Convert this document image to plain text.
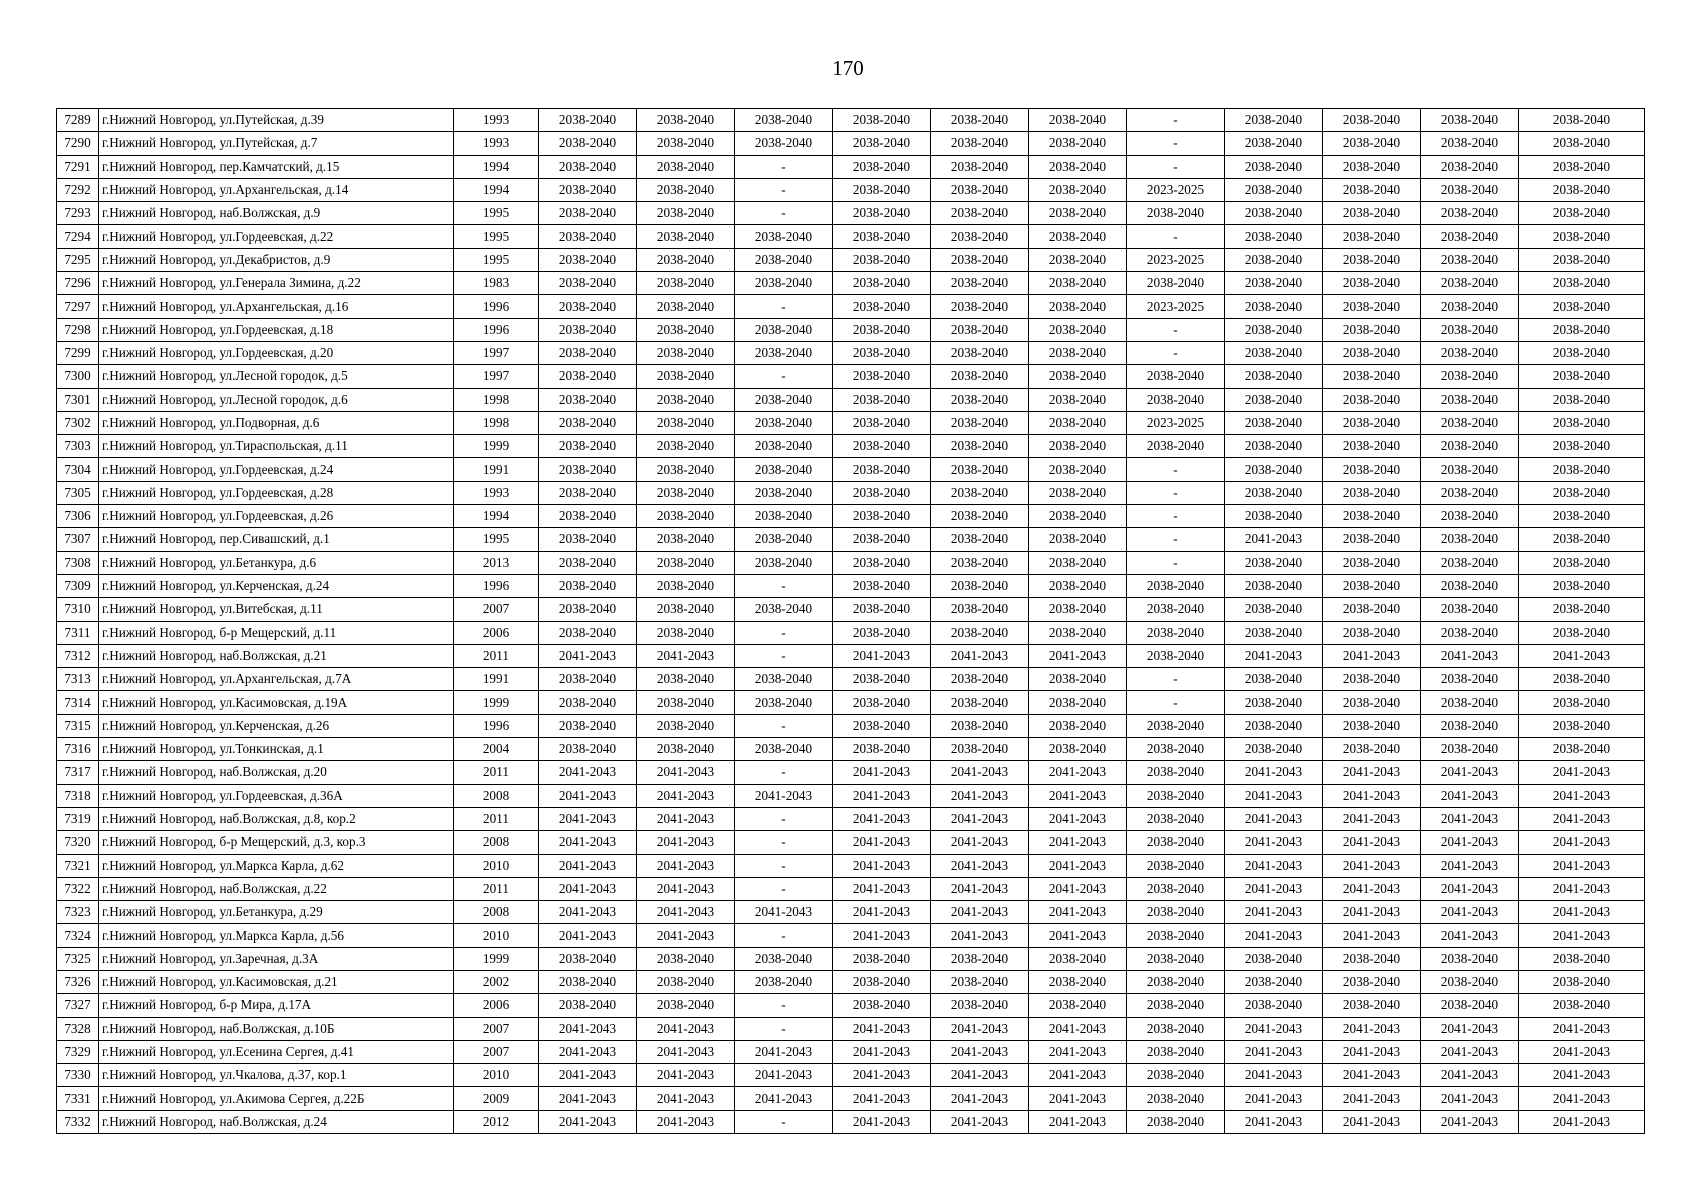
170
7289	г.Нижний Новгород, ул.Путейская, д.39	1993	2038-2040	2038-2040	2038-2040	2038-2040	2038-2040	2038-2040	-	2038-2040	2038-2040	2038-2040	2038-2040
7290	г.Нижний Новгород, ул.Путейская, д.7	1993	2038-2040	2038-2040	2038-2040	2038-2040	2038-2040	2038-2040	-	2038-2040	2038-2040	2038-2040	2038-2040
7291	г.Нижний Новгород, пер.Камчатский, д.15	1994	2038-2040	2038-2040	-	2038-2040	2038-2040	2038-2040	-	2038-2040	2038-2040	2038-2040	2038-2040
7292	г.Нижний Новгород, ул.Архангельская, д.14	1994	2038-2040	2038-2040	-	2038-2040	2038-2040	2038-2040	2023-2025	2038-2040	2038-2040	2038-2040	2038-2040
7293	г.Нижний Новгород, наб.Волжская, д.9	1995	2038-2040	2038-2040	-	2038-2040	2038-2040	2038-2040	2038-2040	2038-2040	2038-2040	2038-2040	2038-2040
7294	г.Нижний Новгород, ул.Гордеевская, д.22	1995	2038-2040	2038-2040	2038-2040	2038-2040	2038-2040	2038-2040	-	2038-2040	2038-2040	2038-2040	2038-2040
7295	г.Нижний Новгород, ул.Декабристов, д.9	1995	2038-2040	2038-2040	2038-2040	2038-2040	2038-2040	2038-2040	2023-2025	2038-2040	2038-2040	2038-2040	2038-2040
7296	г.Нижний Новгород, ул.Генерала Зимина, д.22	1983	2038-2040	2038-2040	2038-2040	2038-2040	2038-2040	2038-2040	2038-2040	2038-2040	2038-2040	2038-2040	2038-2040
7297	г.Нижний Новгород, ул.Архангельская, д.16	1996	2038-2040	2038-2040	-	2038-2040	2038-2040	2038-2040	2023-2025	2038-2040	2038-2040	2038-2040	2038-2040
7298	г.Нижний Новгород, ул.Гордеевская, д.18	1996	2038-2040	2038-2040	2038-2040	2038-2040	2038-2040	2038-2040	-	2038-2040	2038-2040	2038-2040	2038-2040
7299	г.Нижний Новгород, ул.Гордеевская, д.20	1997	2038-2040	2038-2040	2038-2040	2038-2040	2038-2040	2038-2040	-	2038-2040	2038-2040	2038-2040	2038-2040
7300	г.Нижний Новгород, ул.Лесной городок, д.5	1997	2038-2040	2038-2040	-	2038-2040	2038-2040	2038-2040	2038-2040	2038-2040	2038-2040	2038-2040	2038-2040
7301	г.Нижний Новгород, ул.Лесной городок, д.6	1998	2038-2040	2038-2040	2038-2040	2038-2040	2038-2040	2038-2040	2038-2040	2038-2040	2038-2040	2038-2040	2038-2040
7302	г.Нижний Новгород, ул.Подворная, д.6	1998	2038-2040	2038-2040	2038-2040	2038-2040	2038-2040	2038-2040	2023-2025	2038-2040	2038-2040	2038-2040	2038-2040
7303	г.Нижний Новгород, ул.Тираспольская, д.11	1999	2038-2040	2038-2040	2038-2040	2038-2040	2038-2040	2038-2040	2038-2040	2038-2040	2038-2040	2038-2040	2038-2040
7304	г.Нижний Новгород, ул.Гордеевская, д.24	1991	2038-2040	2038-2040	2038-2040	2038-2040	2038-2040	2038-2040	-	2038-2040	2038-2040	2038-2040	2038-2040
7305	г.Нижний Новгород, ул.Гордеевская, д.28	1993	2038-2040	2038-2040	2038-2040	2038-2040	2038-2040	2038-2040	-	2038-2040	2038-2040	2038-2040	2038-2040
7306	г.Нижний Новгород, ул.Гордеевская, д.26	1994	2038-2040	2038-2040	2038-2040	2038-2040	2038-2040	2038-2040	-	2038-2040	2038-2040	2038-2040	2038-2040
7307	г.Нижний Новгород, пер.Сивашский, д.1	1995	2038-2040	2038-2040	2038-2040	2038-2040	2038-2040	2038-2040	-	2041-2043	2038-2040	2038-2040	2038-2040
7308	г.Нижний Новгород, ул.Бетанкура, д.6	2013	2038-2040	2038-2040	2038-2040	2038-2040	2038-2040	2038-2040	-	2038-2040	2038-2040	2038-2040	2038-2040
7309	г.Нижний Новгород, ул.Керченская, д.24	1996	2038-2040	2038-2040	-	2038-2040	2038-2040	2038-2040	2038-2040	2038-2040	2038-2040	2038-2040	2038-2040
7310	г.Нижний Новгород, ул.Витебская, д.11	2007	2038-2040	2038-2040	2038-2040	2038-2040	2038-2040	2038-2040	2038-2040	2038-2040	2038-2040	2038-2040	2038-2040
7311	г.Нижний Новгород, б-р Мещерский, д.11	2006	2038-2040	2038-2040	-	2038-2040	2038-2040	2038-2040	2038-2040	2038-2040	2038-2040	2038-2040	2038-2040
7312	г.Нижний Новгород, наб.Волжская, д.21	2011	2041-2043	2041-2043	-	2041-2043	2041-2043	2041-2043	2038-2040	2041-2043	2041-2043	2041-2043	2041-2043
7313	г.Нижний Новгород, ул.Архангельская, д.7А	1991	2038-2040	2038-2040	2038-2040	2038-2040	2038-2040	2038-2040	-	2038-2040	2038-2040	2038-2040	2038-2040
7314	г.Нижний Новгород, ул.Касимовская, д.19А	1999	2038-2040	2038-2040	2038-2040	2038-2040	2038-2040	2038-2040	-	2038-2040	2038-2040	2038-2040	2038-2040
7315	г.Нижний Новгород, ул.Керченская, д.26	1996	2038-2040	2038-2040	-	2038-2040	2038-2040	2038-2040	2038-2040	2038-2040	2038-2040	2038-2040	2038-2040
7316	г.Нижний Новгород, ул.Тонкинская, д.1	2004	2038-2040	2038-2040	2038-2040	2038-2040	2038-2040	2038-2040	2038-2040	2038-2040	2038-2040	2038-2040	2038-2040
7317	г.Нижний Новгород, наб.Волжская, д.20	2011	2041-2043	2041-2043	-	2041-2043	2041-2043	2041-2043	2038-2040	2041-2043	2041-2043	2041-2043	2041-2043
7318	г.Нижний Новгород, ул.Гордеевская, д.36А	2008	2041-2043	2041-2043	2041-2043	2041-2043	2041-2043	2041-2043	2038-2040	2041-2043	2041-2043	2041-2043	2041-2043
7319	г.Нижний Новгород, наб.Волжская, д.8, кор.2	2011	2041-2043	2041-2043	-	2041-2043	2041-2043	2041-2043	2038-2040	2041-2043	2041-2043	2041-2043	2041-2043
7320	г.Нижний Новгород, б-р Мещерский, д.3, кор.3	2008	2041-2043	2041-2043	-	2041-2043	2041-2043	2041-2043	2038-2040	2041-2043	2041-2043	2041-2043	2041-2043
7321	г.Нижний Новгород, ул.Маркса Карла, д.62	2010	2041-2043	2041-2043	-	2041-2043	2041-2043	2041-2043	2038-2040	2041-2043	2041-2043	2041-2043	2041-2043
7322	г.Нижний Новгород, наб.Волжская, д.22	2011	2041-2043	2041-2043	-	2041-2043	2041-2043	2041-2043	2038-2040	2041-2043	2041-2043	2041-2043	2041-2043
7323	г.Нижний Новгород, ул.Бетанкура, д.29	2008	2041-2043	2041-2043	2041-2043	2041-2043	2041-2043	2041-2043	2038-2040	2041-2043	2041-2043	2041-2043	2041-2043
7324	г.Нижний Новгород, ул.Маркса Карла, д.56	2010	2041-2043	2041-2043	-	2041-2043	2041-2043	2041-2043	2038-2040	2041-2043	2041-2043	2041-2043	2041-2043
7325	г.Нижний Новгород, ул.Заречная, д.3А	1999	2038-2040	2038-2040	2038-2040	2038-2040	2038-2040	2038-2040	2038-2040	2038-2040	2038-2040	2038-2040	2038-2040
7326	г.Нижний Новгород, ул.Касимовская, д.21	2002	2038-2040	2038-2040	2038-2040	2038-2040	2038-2040	2038-2040	2038-2040	2038-2040	2038-2040	2038-2040	2038-2040
7327	г.Нижний Новгород, б-р Мира, д.17А	2006	2038-2040	2038-2040	-	2038-2040	2038-2040	2038-2040	2038-2040	2038-2040	2038-2040	2038-2040	2038-2040
7328	г.Нижний Новгород, наб.Волжская, д.10Б	2007	2041-2043	2041-2043	-	2041-2043	2041-2043	2041-2043	2038-2040	2041-2043	2041-2043	2041-2043	2041-2043
7329	г.Нижний Новгород, ул.Есенина Сергея, д.41	2007	2041-2043	2041-2043	2041-2043	2041-2043	2041-2043	2041-2043	2038-2040	2041-2043	2041-2043	2041-2043	2041-2043
7330	г.Нижний Новгород, ул.Чкалова, д.37, кор.1	2010	2041-2043	2041-2043	2041-2043	2041-2043	2041-2043	2041-2043	2038-2040	2041-2043	2041-2043	2041-2043	2041-2043
7331	г.Нижний Новгород, ул.Акимова Сергея, д.22Б	2009	2041-2043	2041-2043	2041-2043	2041-2043	2041-2043	2041-2043	2038-2040	2041-2043	2041-2043	2041-2043	2041-2043
7332	г.Нижний Новгород, наб.Волжская, д.24	2012	2041-2043	2041-2043	-	2041-2043	2041-2043	2041-2043	2038-2040	2041-2043	2041-2043	2041-2043	2041-2043
